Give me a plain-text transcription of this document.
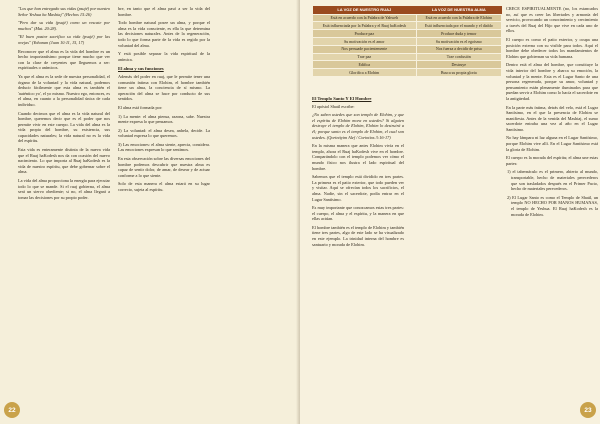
"Los que han entregado sus vidas (psujé) por nuestro Señor Yeshua ha Mashiaj" (Hechos 15:26)

"Pero dar su vida (psujé) como un rescate por muchos" (Mat. 20:28).

"El buen pastor sacrifica su vida (psujé) por las ovejas" (Yohanan (Juan 10:11, 15, 17)

Reconocer que el alma es la vida del hombre es un hecho importantísimo porque tiene mucho que ver con la clase de creyentes que lleguemos a ser: espirituales o anímicos.

Ya que el alma es la sede de nuestra personalidad, el órgano de la voluntad y la vida natural, podemos deducir fácilmente que esta alma es también el 'auténtico yo', el yo mismo. Nuestro ego, entonces, es el alma, en cuanto a la personalidad única de cada individuo.

Cuando decimos que el alma es la vida natural del hombre, queremos decir que es el poder que nos permite vivir en este cuerpo. La vida del alma es la vida propia del hombre, su existencia, sus capacidades naturales; la vida natural no es la vida del espíritu.

Esta vida es enteramente distinta de la nueva vida que el Ruaj haKodesh nos da con ocasión del nuevo nacimiento. Lo que importa al Ruaj haKodesh es la vida de nuestro espíritu, que debe gobernar sobre el alma.

La vida del alma proporciona la energía para ejecutar todo lo que se mande. Si el ruaj gobierna, el alma será un siervo obediente; si no, el alma llegará a tomar las decisiones por su propio poder.

bre, en tanto que el alma pasó a ser la vida del hombre.

Todo hombre natural posee un alma, y porque el alma es la vida consciente, es ella la que determina las decisiones naturales. Antes de la regeneración, todo lo que forma parte de la vida es regido por la voluntad del alma.

Y está posible separar la vida espiritual de la anímica.

El alma y sus funciones

Además del poder en ruaj, que le permite tener una comunión íntima con Elohim, el hombre también tiene un alma, la conciencia de sí mismo. La operación del alma se hace por conducto de sus sentidos.

El alma está formada por:

1) La mente: el alma piensa, razona, sabe. Nuestra mente expresa lo que pensamos.

2) La voluntad: el alma desea, anhela, decide. La voluntad expresa lo que queremos.

3) Las emociones: el alma siente, aprecia, considera. Las emociones expresan lo que sentimos.

En esta observación sobre las diversas emociones del hombre podemos descubrir que nuestra alma es capaz de sentir dolor, de amar, de desear y de actuar conforme a lo que siente.

Solo de esta manera el alma estará en su lugar correcto, sujeta al espíritu.

22
LA VOZ DE NUESTRO RUAJ	LA VOZ DE NUESTRA ALMA
Está en acuerdo con la Palabra de Yahweh	Está en acuerdo con la Palabra de Elohim
Está influenciada por la Palabra y el Ruaj haKodesh	Está influenciada por el mundo y el diablo
Produce paz	Produce duda y temor
Su motivación es el amor	Su motivación es el egoísmo
Nos persuade pacientemente	Nos fuerza a decidir de prisa
Trae paz	Trae confusión
Edifica	Destruye
Glorifica a Elohim	Busca su propia gloria
El Templo Santo Y El Hombre

El apóstol Shaúl escribe:

¿No saben ustedes que son templo de Elohim, y que el espíritu de Elohim mora en ustedes? Si alguien destruye el templo de Elohim, Elohim lo destruirá a él; porque santo es el templo de Elohim, el cual son ustedes. (Qorintiyim Alef / Corintios 3:16-17)

En la misma manera que antes Elohim vivía en el templo, ahora el Ruaj haKodesh vive en el hombre. Comparándolo con el templo podemos ver cómo el mundo físico nos ilustra el lado espiritual del hombre.

Sabemos que el templo está dividido en tres partes. La primera es el patio exterior, que todo pueden ver y visitar. Aquí se ofrecían todos los sacrificios, el alma. Nadie, sin el sacerdote, podía entrar en el Lugar Santísimo.

Es muy importante que conozcamos estas tres partes: el cuerpo, el alma y el espíritu, y la manera en que ellas actúan.

El hombre también es el templo de Elohim y también tiene tres partes, algo de este lado se ha visualizado en este ejemplo. La trinidad interna del hombre es santuario y morada de Elohim.

CRECE ESPIRITUALMENTE (no, los estancados no, así que es creer las libertades y armonía del servicio, provocando un conocimiento y crecimiento a través del Ruaj del Hijo que vive en cada uno de ellos.

El cuerpo es como el patio exterior, y ocupa una posición externa con su visible para todos. Aquí el hombre debe obedecer todos los mandamientos de Elohim que gobiernan su vida humana.

Dentro está el alma del hombre, que constituye la vida interior del hombre y abarca su emoción, la voluntad y la mente. Esta es el Lugar Santo de una persona regenerada, porque su amor, voluntad y pensamiento están plenamente iluminados para que puedan servir a Elohim como lo hacía el sacerdote en la antigüedad.

En la parte más íntima, detrás del velo, está el Lugar Santísimo, en el que la presencia de Elohim se manifiesta. Antes de la venida del Mashiaj, el sumo sacerdote entraba una vez al año en el Lugar Santísimo.

No hay lámpara ni luz alguna en el Lugar Santísimo, porque Elohim vive allí. En el Lugar Santísimo está la gloria de Elohim.

El cuerpo es la morada del espíritu; el alma une estas partes:

1) el tabernáculo es el primero, abierto al mundo, transportable, hecho de materiales perecederos que son trasladados después en el Primer Pacto, hecho de materiales perecederos.

2) El Lugar Santo es como el Templo de Shaúl, un templo NO HECHO POR MANOS HUMANAS, el templo de Yeshua. El Ruaj haKodesh es la morada de Elohim.

23
